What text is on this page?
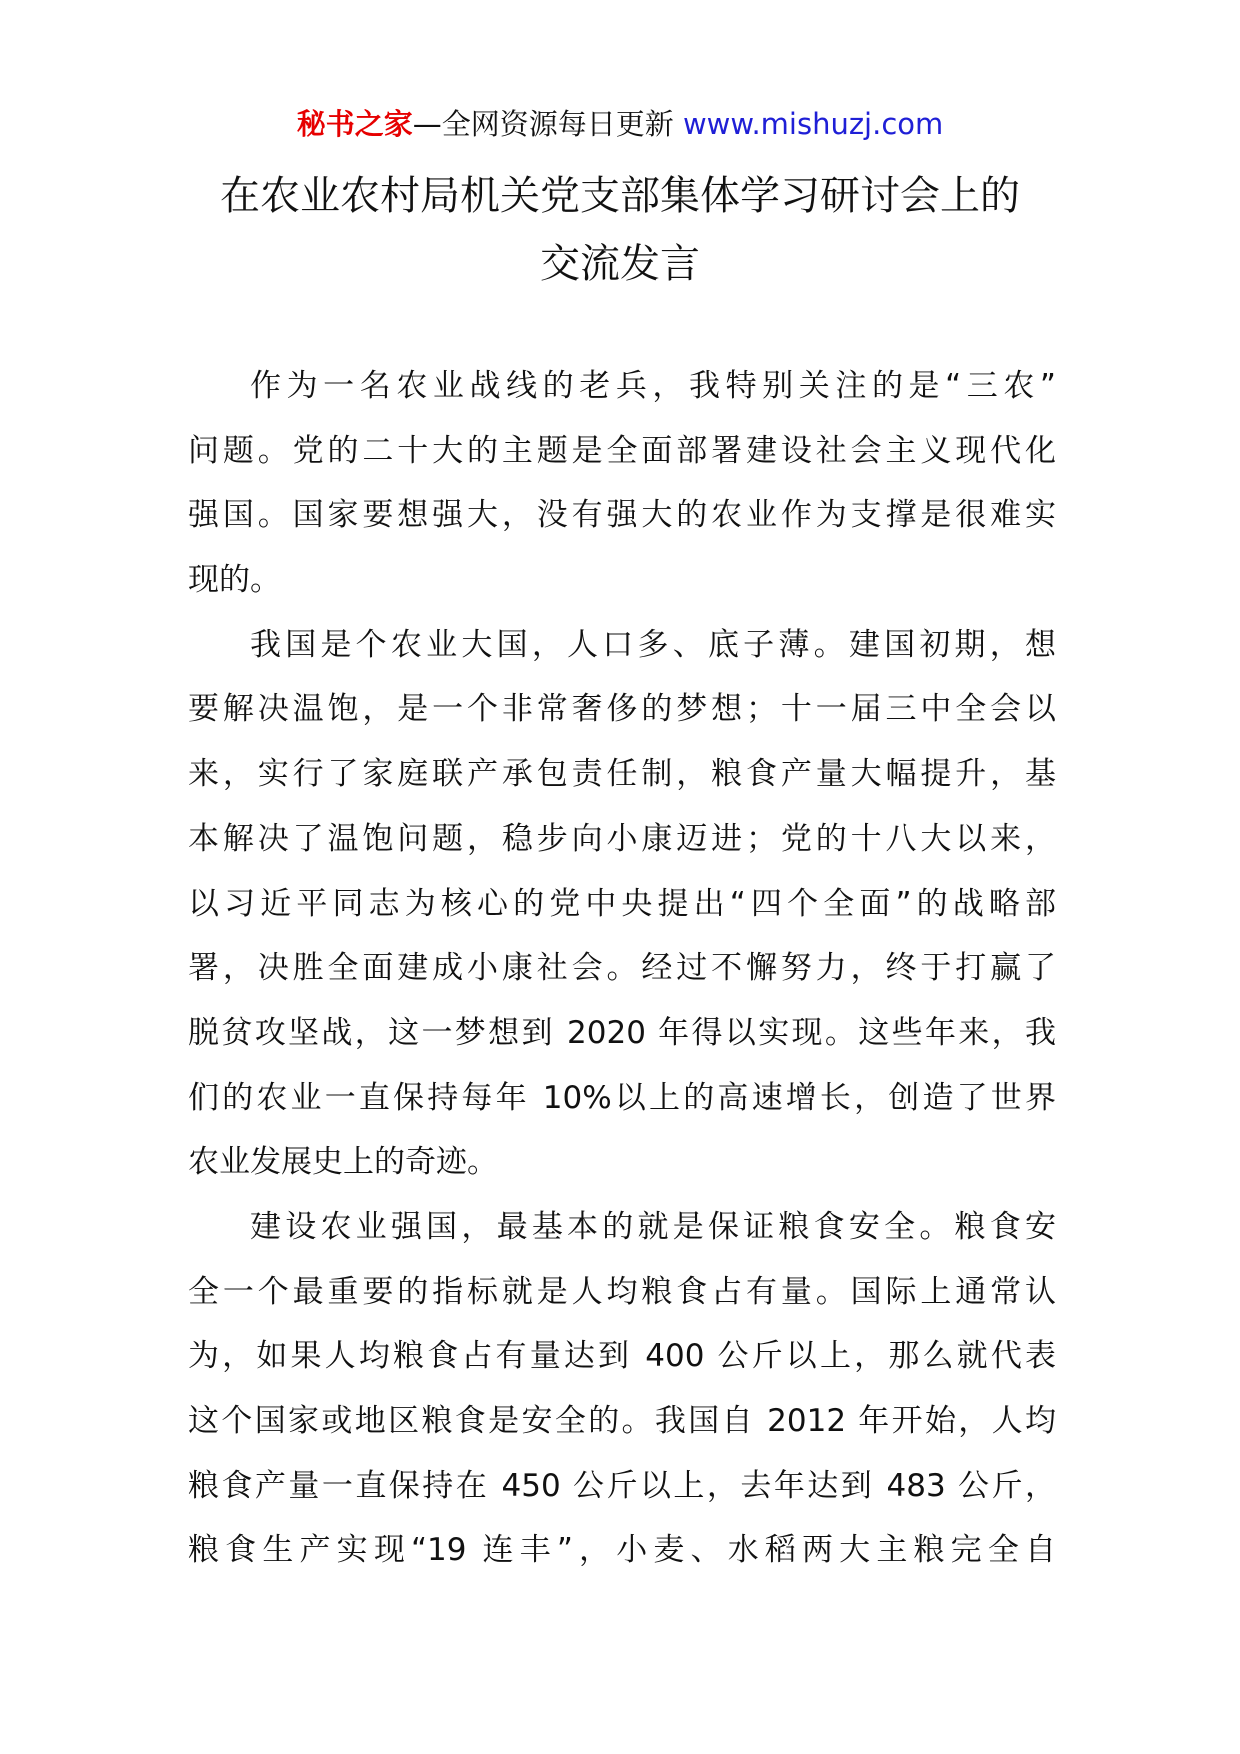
秘书之家—全网资源每日更新 www.mishuzj.com
在农业农村局机关党支部集体学习研讨会上的
交流发言
作为一名农业战线的老兵，我特别关注的是“三农”
问题。党的二十大的主题是全面部署建设社会主义现代化
强国。国家要想强大，没有强大的农业作为支撑是很难实
现的。
我国是个农业大国，人口多、底子薄。建国初期，想
要解决温饱，是一个非常奢侈的梦想；十一届三中全会以
来，实行了家庭联产承包责任制，粮食产量大幅提升，基
本解决了温饱问题，稳步向小康迈进；党的十八大以来，
以习近平同志为核心的党中央提出“四个全面”的战略部
署，决胜全面建成小康社会。经过不懈努力，终于打赢了
脱贫攻坚战，这一梦想到 2020 年得以实现。这些年来，我
们的农业一直保持每年 10%以上的高速增长，创造了世界
农业发展史上的奇迹。
建设农业强国，最基本的就是保证粮食安全。粮食安
全一个最重要的指标就是人均粮食占有量。国际上通常认
为，如果人均粮食占有量达到 400 公斤以上，那么就代表
这个国家或地区粮食是安全的。我国自 2012 年开始，人均
粮食产量一直保持在 450 公斤以上，去年达到 483 公斤，
粮食生产实现“19 连丰”，小麦、水稻两大主粮完全自
